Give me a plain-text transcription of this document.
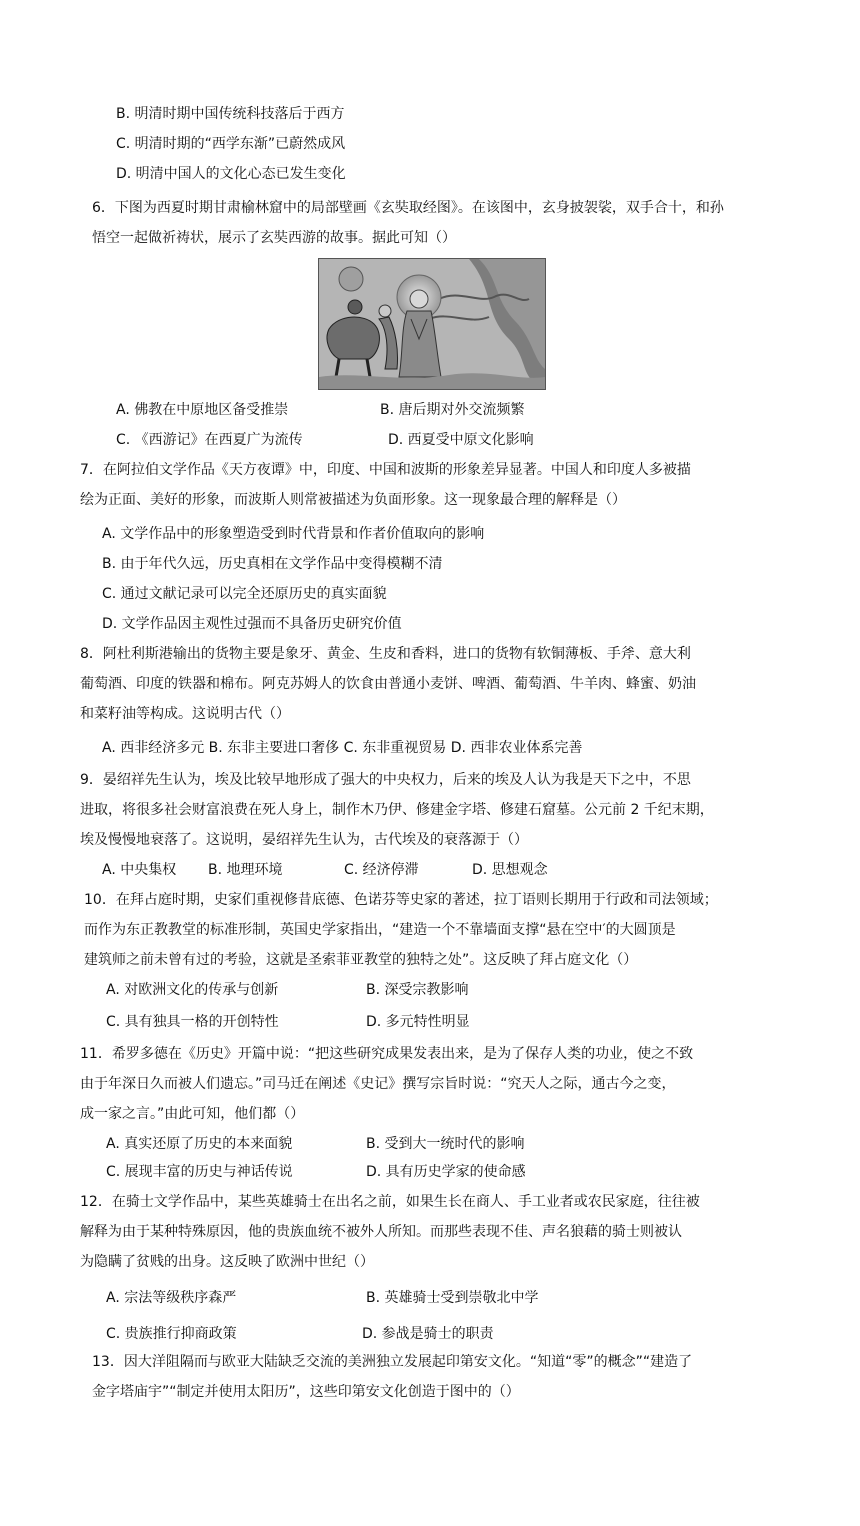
B. 明清时期中国传统科技落后于西方
C. 明清时期的“西学东渐”已蔚然成风
D. 明清中国人的文化心态已发生变化
6．下图为西夏时期甘肃榆林窟中的局部壁画《玄奘取经图》。在该图中，玄身披袈裟，双手合十，和孙
悟空一起做祈祷状，展示了玄奘西游的故事。据此可知（）
A. 佛教在中原地区备受推崇	B. 唐后期对外交流频繁
C. 《西游记》在西夏广为流传	D. 西夏受中原文化影响
7．在阿拉伯文学作品《天方夜谭》中，印度、中国和波斯的形象差异显著。中国人和印度人多被描
绘为正面、美好的形象，而波斯人则常被描述为负面形象。这一现象最合理的解释是（）
A. 文学作品中的形象塑造受到时代背景和作者价值取向的影响
B. 由于年代久远，历史真相在文学作品中变得模糊不清
C. 通过文献记录可以完全还原历史的真实面貌
D. 文学作品因主观性过强而不具备历史研究价值
8．阿杜利斯港输出的货物主要是象牙、黄金、生皮和香料，进口的货物有软铜薄板、手斧、意大利
葡萄酒、印度的铁器和棉布。阿克苏姆人的饮食由普通小麦饼、啤酒、葡萄酒、牛羊肉、蜂蜜、奶油
和菜籽油等构成。这说明古代（）
A. 西非经济多元 B. 东非主要进口奢侈 C. 东非重视贸易 D. 西非农业体系完善
9．晏绍祥先生认为，埃及比较早地形成了强大的中央权力，后来的埃及人认为我是天下之中，不思
进取，将很多社会财富浪费在死人身上，制作木乃伊、修建金字塔、修建石窟墓。公元前 2 千纪末期，
埃及慢慢地衰落了。这说明，晏绍祥先生认为，古代埃及的衰落源于（）
A. 中央集权 B. 地理环境	C. 经济停滞	D. 思想观念
10．在拜占庭时期，史家们重视修昔底德、色诺芬等史家的著述，拉丁语则长期用于行政和司法领域；
而作为东正教教堂的标准形制，英国史学家指出，“建造一个不靠墙面支撑“悬在空中′的大圆顶是
建筑师之前未曾有过的考验，这就是圣索菲亚教堂的独特之处”。这反映了拜占庭文化（）
A. 对欧洲文化的传承与创新	B. 深受宗教影响
C. 具有独具一格的开创特性	D. 多元特性明显
11．希罗多德在《历史》开篇中说：“把这些研究成果发表出来，是为了保存人类的功业，使之不致
由于年深日久而被人们遗忘。”司马迁在阐述《史记》撰写宗旨时说：“究天人之际，通古今之变，
成一家之言。”由此可知，他们都（）
A. 真实还原了历史的本来面貌	B. 受到大一统时代的影响
C. 展现丰富的历史与神话传说	D. 具有历史学家的使命感
12．在骑士文学作品中，某些英雄骑士在出名之前，如果生长在商人、手工业者或农民家庭，往往被
解释为由于某种特殊原因，他的贵族血统不被外人所知。而那些表现不佳、声名狼藉的骑士则被认
为隐瞒了贫贱的出身。这反映了欧洲中世纪（）
A. 宗法等级秩序森严	B. 英雄骑士受到崇敬北中学
C. 贵族推行抑商政策	D. 参战是骑士的职责
13．因大洋阻隔而与欧亚大陆缺乏交流的美洲独立发展起印第安文化。“知道“零”的概念”“建造了
金字塔庙宇”“制定并使用太阳历”，这些印第安文化创造于图中的（）
